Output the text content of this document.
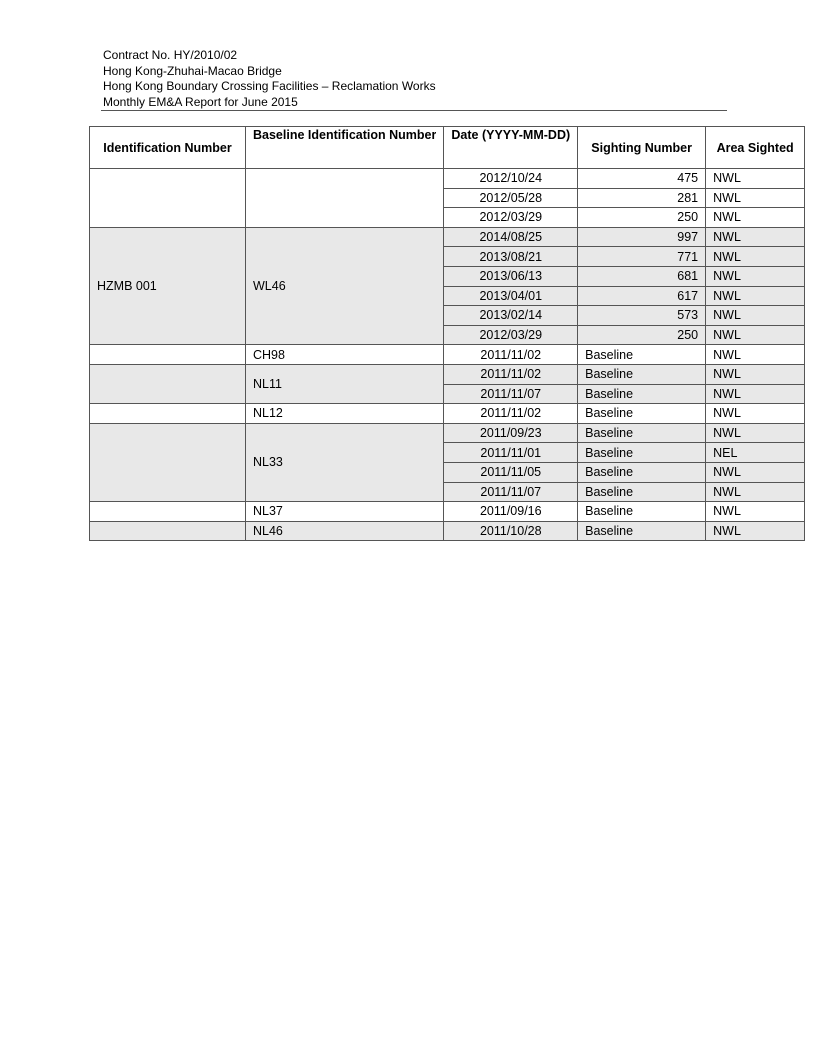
Contract No. HY/2010/02
Hong Kong-Zhuhai-Macao Bridge
Hong Kong Boundary Crossing Facilities – Reclamation Works
Monthly EM&A Report for June 2015
Identification Number	Baseline Identification Number	Date (YYYY-MM-DD)	Sighting Number	Area Sighted
		2012/10/24	475	NWL
		2012/05/28	281	NWL
		2012/03/29	250	NWL
HZMB 001	WL46	2014/08/25	997	NWL
		2013/08/21	771	NWL
		2013/06/13	681	NWL
		2013/04/01	617	NWL
		2013/02/14	573	NWL
		2012/03/29	250	NWL
	CH98	2011/11/02	Baseline	NWL
	NL11	2011/11/02	Baseline	NWL
		2011/11/07	Baseline	NWL
	NL12	2011/11/02	Baseline	NWL
	NL33	2011/09/23	Baseline	NWL
		2011/11/01	Baseline	NEL
		2011/11/05	Baseline	NWL
		2011/11/07	Baseline	NWL
	NL37	2011/09/16	Baseline	NWL
	NL46	2011/10/28	Baseline	NWL
